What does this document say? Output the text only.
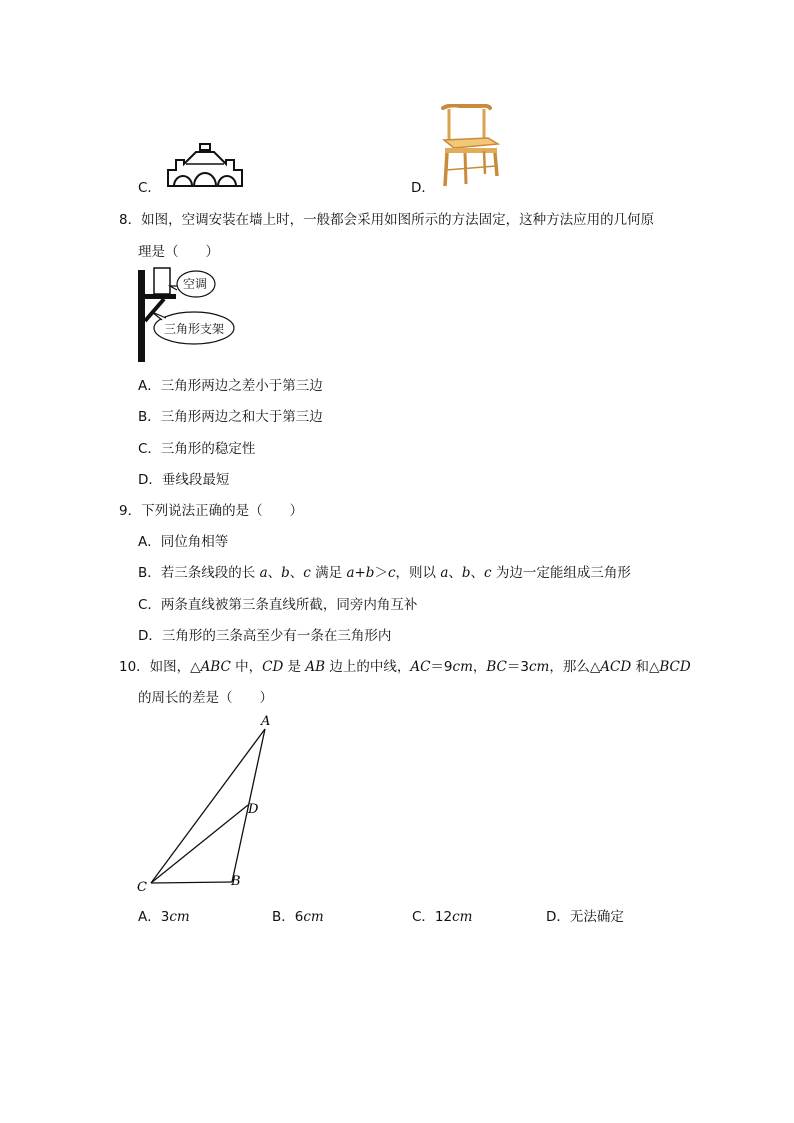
C．	D．
8．如图，空调安装在墙上时，一般都会采用如图所示的方法固定，这种方法应用的几何原
理是（　　）
空调
三角形支架
A．三角形两边之差小于第三边
B．三角形两边之和大于第三边
C．三角形的稳定性
D．垂线段最短
9．下列说法正确的是（　　）
A．同位角相等
B．若三条线段的长 a、b、c 满足 a+b＞c，则以 a、b、c 为边一定能组成三角形
C．两条直线被第三条直线所截，同旁内角互补
D．三角形的三条高至少有一条在三角形内
10．如图，△ABC 中，CD 是 AB 边上的中线，AC＝9cm，BC＝3cm，那么△ACD 和△BCD
的周长的差是（　　）
A
D
C	B
A．3cm	B．6cm	C．12cm	D．无法确定
